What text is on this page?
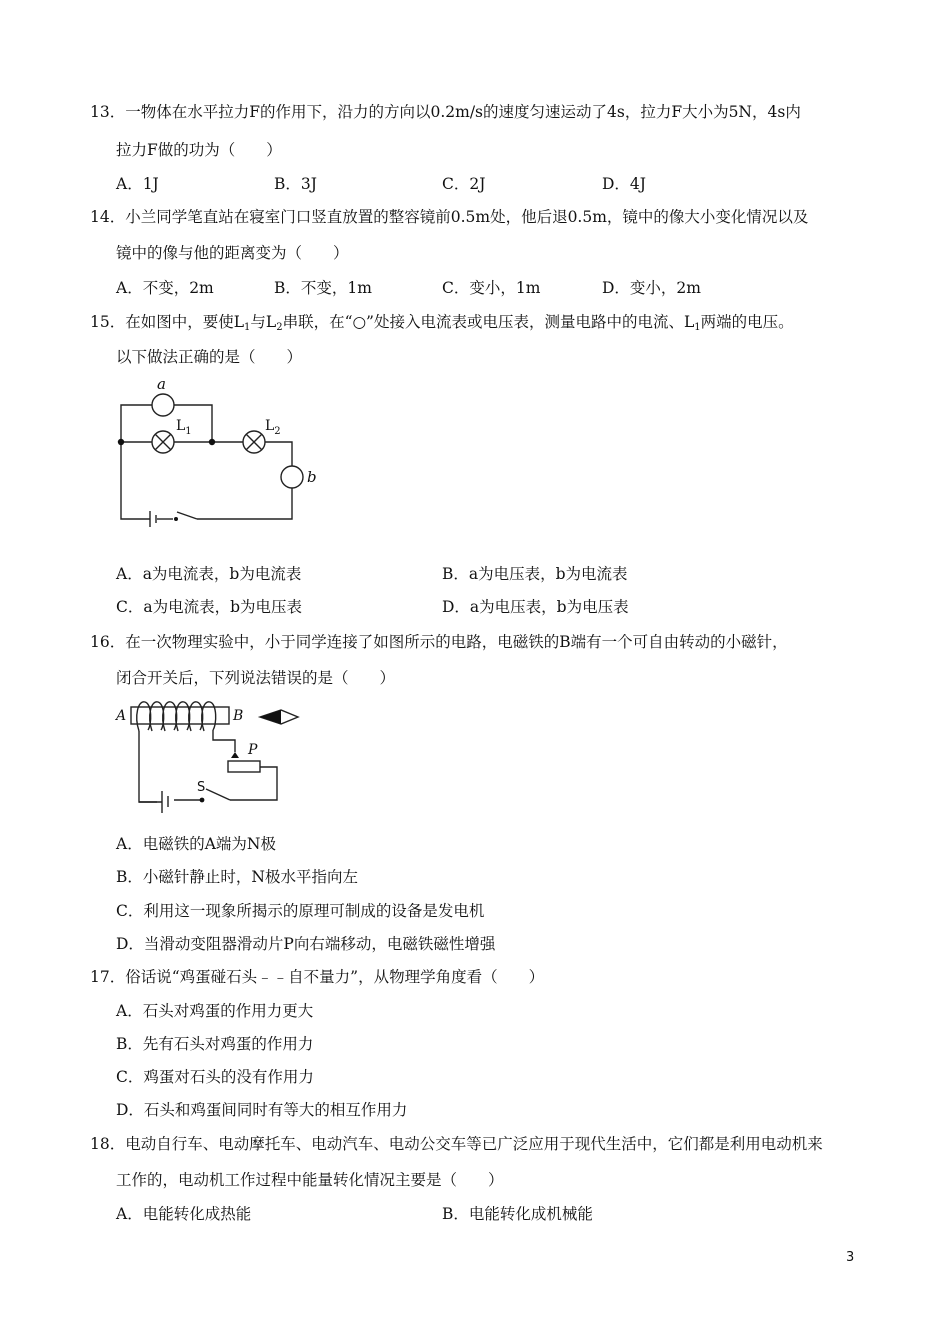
13．一物体在水平拉力F的作用下，沿力的方向以0.2m/s的速度匀速运动了4s，拉力F大小为5N，4s内
拉力F做的功为（　　）
A．1J	B．3J	C．2J	D．4J
14．小兰同学笔直站在寝室门口竖直放置的整容镜前0.5m处，他后退0.5m，镜中的像大小变化情况以及
镜中的像与他的距离变为（　　）
A．不变，2m	B．不变，1m	C．变小，1m	D．变小，2m
15．在如图中，要使$L_1$与$L_2$串联，在“○”处接入电流表或电压表，测量电路中的电流、$L_1$两端的电压。
以下做法正确的是（　　）
a
b
$L_1$	$L_2$
A．a为电流表，b为电流表	B．a为电压表，b为电流表
C．a为电流表，b为电压表	D．a为电压表，b为电压表
16．在一次物理实验中，小于同学连接了如图所示的电路，电磁铁的B端有一个可自由转动的小磁针，
闭合开关后，下列说法错误的是（　　）
A	B
P
S
A．电磁铁的A端为N极
B．小磁针静止时，N极水平指向左
C．利用这一现象所揭示的原理可制成的设备是发电机
D．当滑动变阻器滑动片P向右端移动，电磁铁磁性增强
17．俗话说“鸡蛋碰石头﹣﹣自不量力”，从物理学角度看（　　）
A．石头对鸡蛋的作用力更大
B．先有石头对鸡蛋的作用力
C．鸡蛋对石头的没有作用力
D．石头和鸡蛋间同时有等大的相互作用力
18．电动自行车、电动摩托车、电动汽车、电动公交车等已广泛应用于现代生活中，它们都是利用电动机来
工作的，电动机工作过程中能量转化情况主要是（　　）
A．电能转化成热能	B．电能转化成机械能
3
